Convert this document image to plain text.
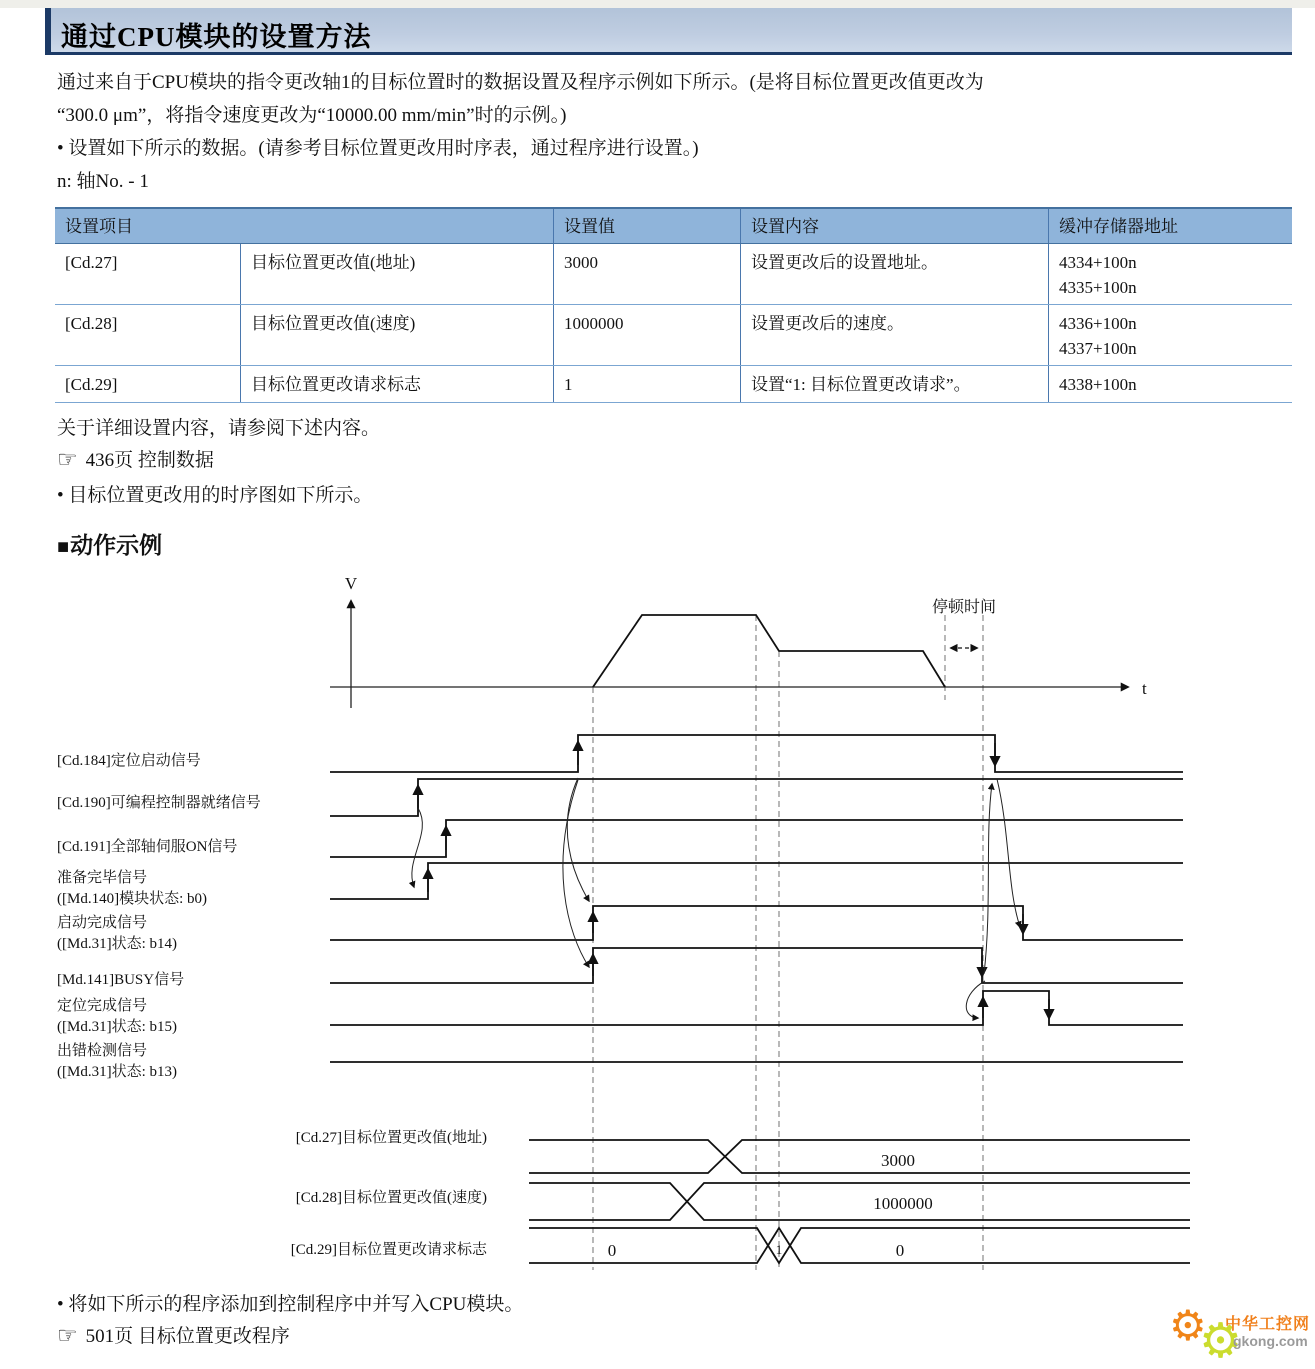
通过CPU模块的设置方法
通过来自于CPU模块的指令更改轴1的目标位置时的数据设置及程序示例如下所示。(是将目标位置更改值更改为
“300.0 μm”，将指令速度更改为“10000.00 mm/min”时的示例。)
• 设置如下所示的数据。(请参考目标位置更改用时序表，通过程序进行设置。)
n: 轴No. - 1
设置项目	设置值	设置内容	缓冲存储器地址
[Cd.27]	目标位置更改值(地址)	3000	设置更改后的设置地址。	4334+100n
4335+100n
[Cd.28]	目标位置更改值(速度)	1000000	设置更改后的速度。	4336+100n
4337+100n
[Cd.29]	目标位置更改请求标志	1	设置“1: 目标位置更改请求”。	4338+100n
关于详细设置内容，请参阅下述内容。
☞ 436页 控制数据
• 目标位置更改用的时序图如下所示。
■动作示例
V
t
停顿时间
3000
1000000
0	1	0
[Cd.184]定位启动信号
[Cd.190]可编程控制器就绪信号
[Cd.191]全部轴伺服ON信号
准备完毕信号
([Md.140]模块状态: b0)
启动完成信号
([Md.31]状态: b14)
[Md.141]BUSY信号
定位完成信号
([Md.31]状态: b15)
出错检测信号
([Md.31]状态: b13)
[Cd.27]目标位置更改值(地址)
[Cd.28]目标位置更改值(速度)
[Cd.29]目标位置更改请求标志
• 将如下所示的程序添加到控制程序中并写入CPU模块。
☞ 501页 目标位置更改程序	⚙
⚙
中华工控网
gkong.com
